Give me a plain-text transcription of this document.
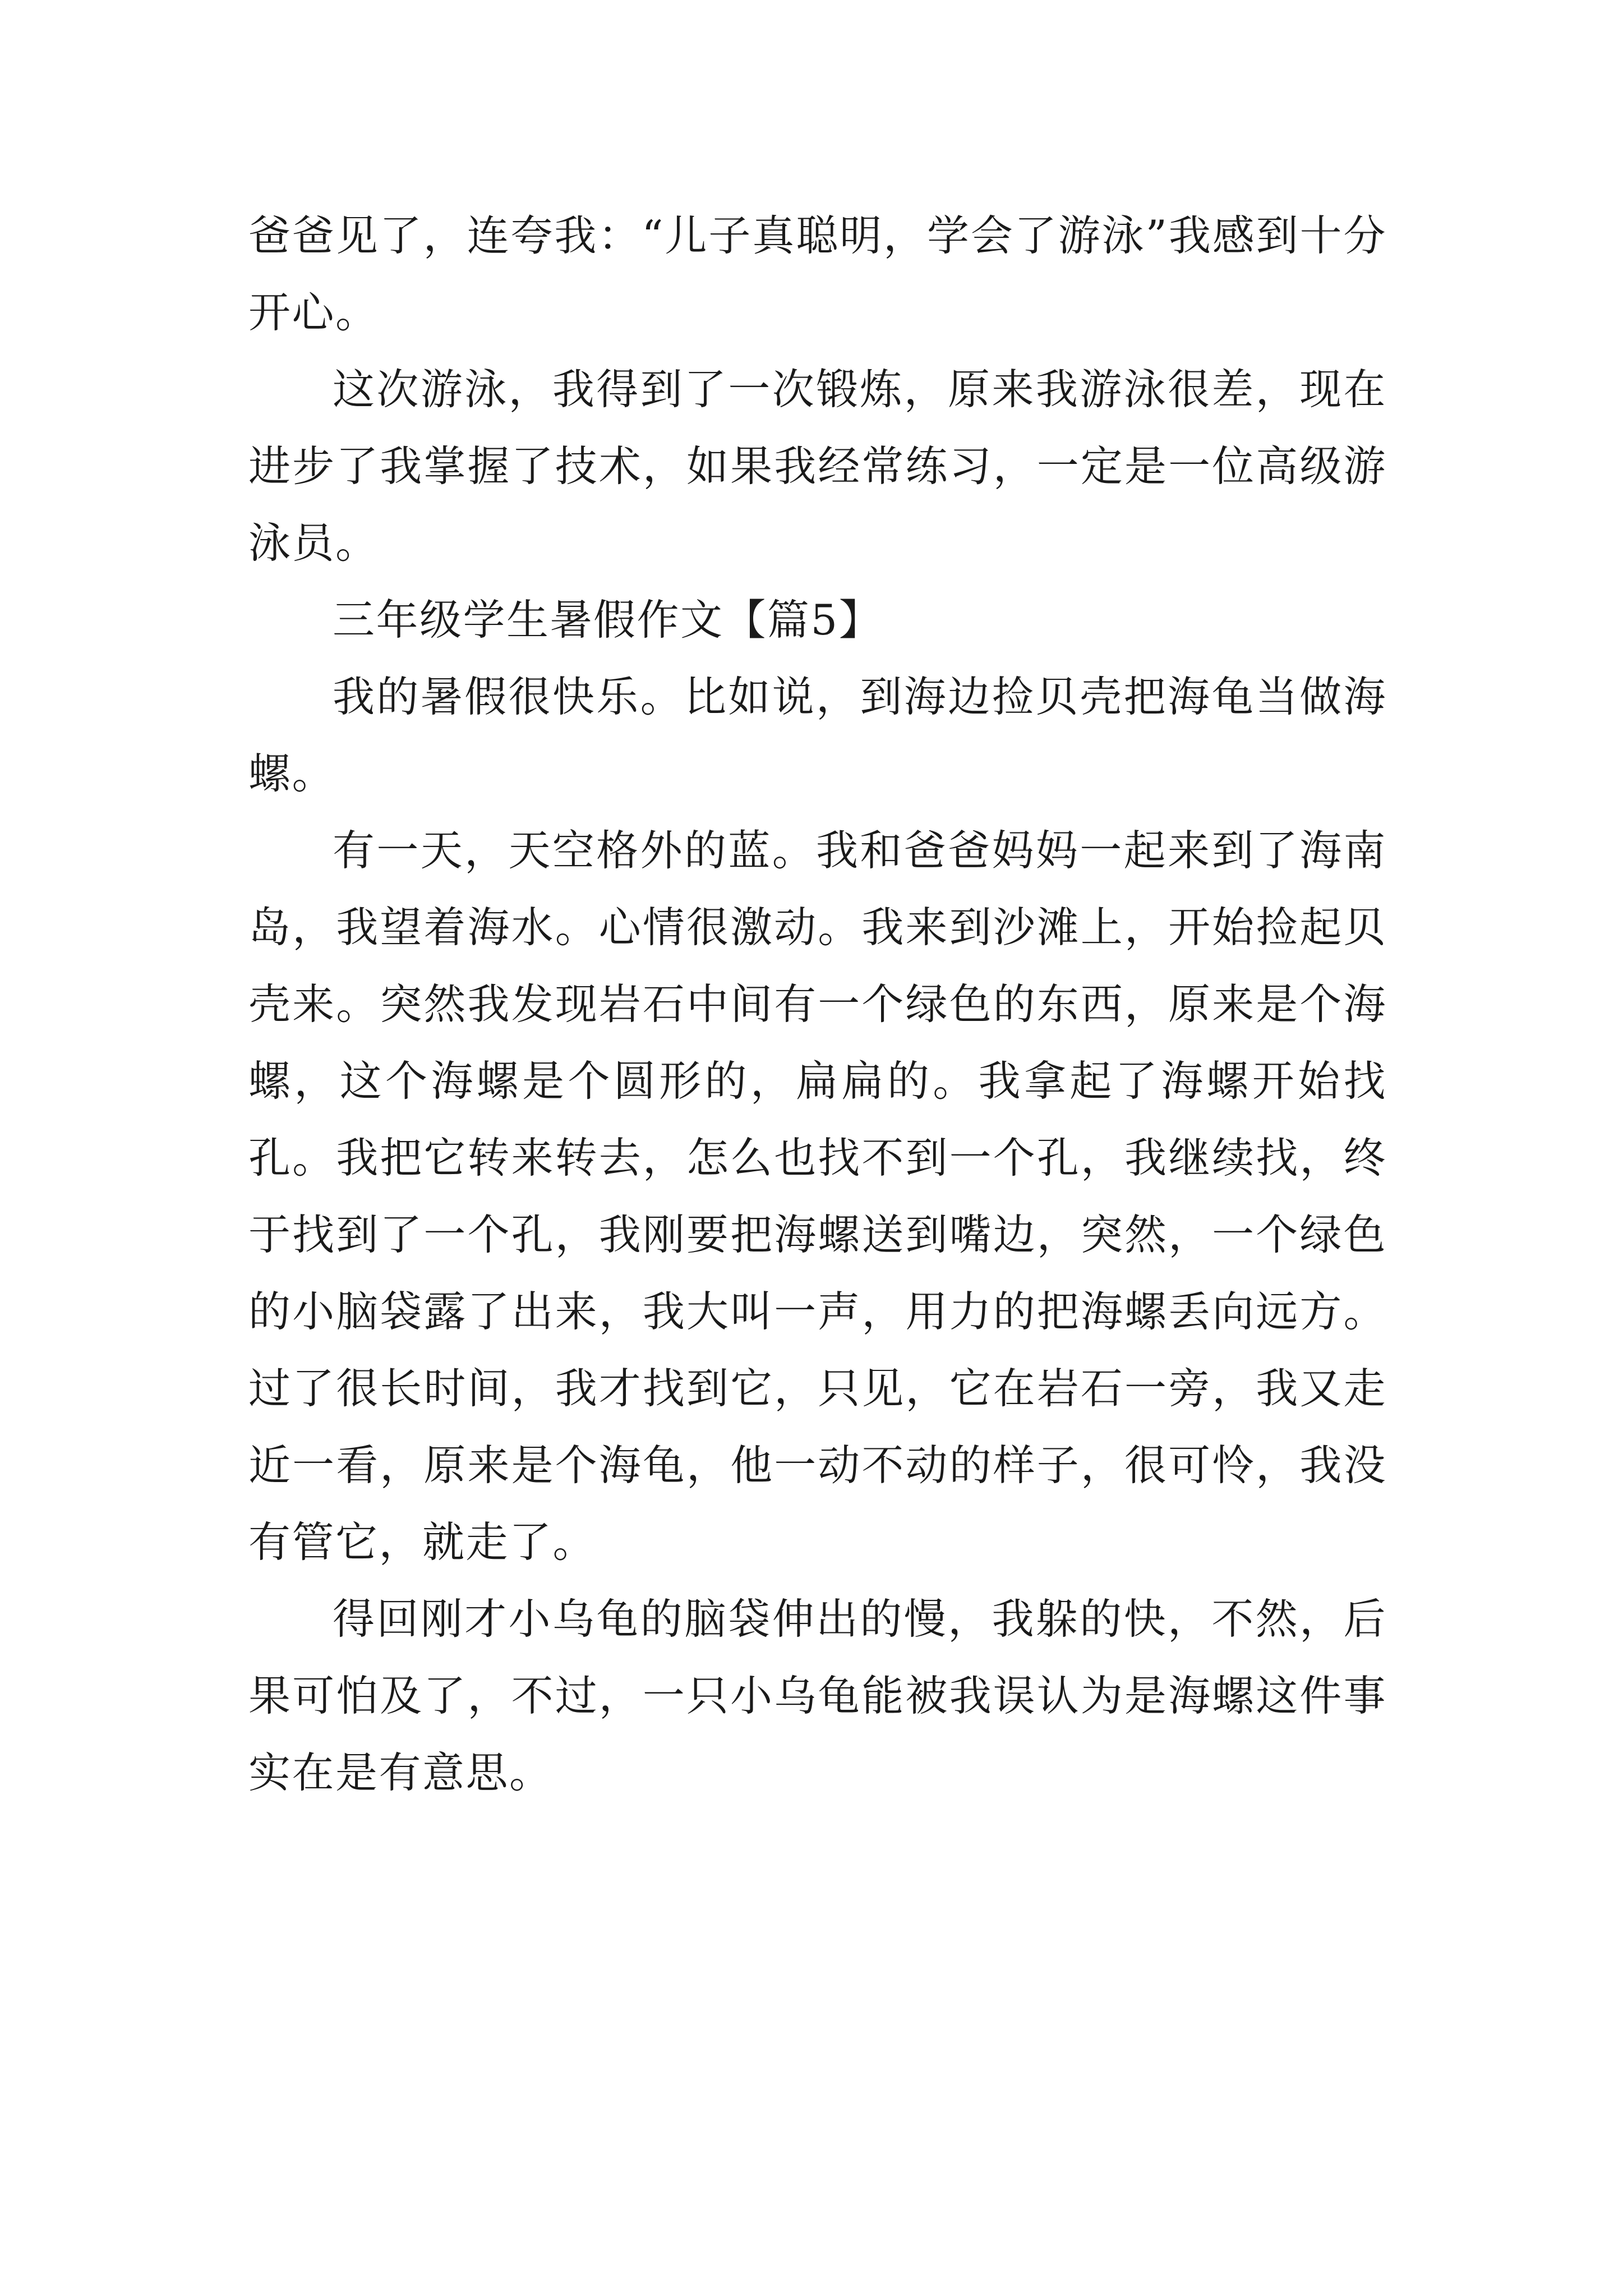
爸爸见了，连夸我：“儿子真聪明，学会了游泳”我感到十分开心。

这次游泳，我得到了一次锻炼，原来我游泳很差，现在进步了我掌握了技术，如果我经常练习，一定是一位高级游泳员。

三年级学生暑假作文【篇5】

我的暑假很快乐。比如说，到海边捡贝壳把海龟当做海螺。

有一天，天空格外的蓝。我和爸爸妈妈一起来到了海南岛，我望着海水。心情很激动。我来到沙滩上，开始捡起贝壳来。突然我发现岩石中间有一个绿色的东西，原来是个海螺，这个海螺是个圆形的，扁扁的。我拿起了海螺开始找孔。我把它转来转去，怎么也找不到一个孔，我继续找，终于找到了一个孔，我刚要把海螺送到嘴边，突然，一个绿色的小脑袋露了出来，我大叫一声，用力的把海螺丢向远方。过了很长时间，我才找到它，只见，它在岩石一旁，我又走近一看，原来是个海龟，他一动不动的样子，很可怜，我没有管它，就走了。

得回刚才小乌龟的脑袋伸出的慢，我躲的快，不然，后果可怕及了，不过，一只小乌龟能被我误认为是海螺这件事实在是有意思。
